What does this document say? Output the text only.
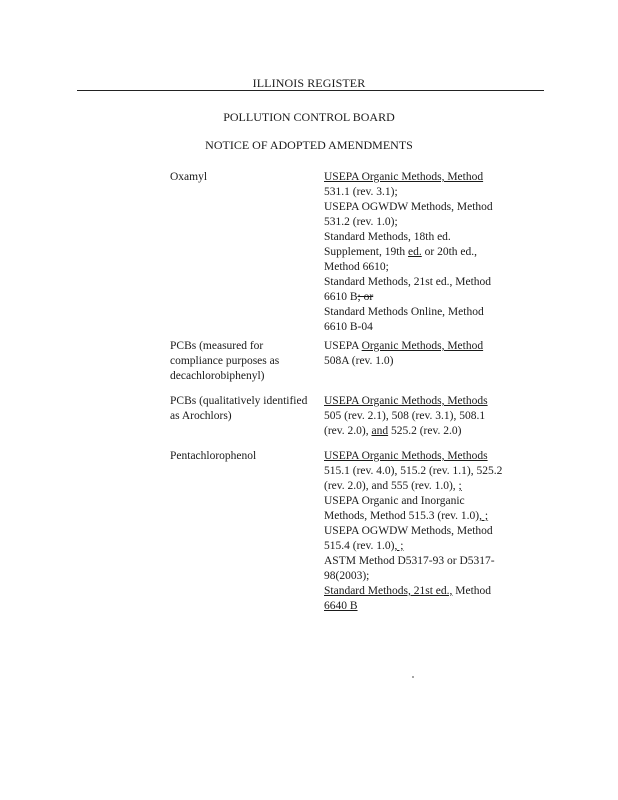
ILLINOIS REGISTER
POLLUTION CONTROL BOARD
NOTICE OF ADOPTED AMENDMENTS
Oxamyl	USEPA Organic Methods, Method
531.1 (rev. 3.1);
USEPA OGWDW Methods, Method
531.2 (rev. 1.0);
Standard Methods, 18th ed.
Supplement, 19th ed. or 20th ed.,
Method 6610;
Standard Methods, 21st ed., Method
6610 B; or
Standard Methods Online, Method
6610 B-04
PCBs (measured for
compliance purposes as
decachlorobiphenyl)
USEPA Organic Methods, Method
508A (rev. 1.0)
PCBs (qualitatively identified
as Arochlors)
USEPA Organic Methods, Methods
505 (rev. 2.1), 508 (rev. 3.1), 508.1
(rev. 2.0), and 525.2 (rev. 2.0)
Pentachlorophenol	USEPA Organic Methods, Methods
515.1 (rev. 4.0), 515.2 (rev. 1.1), 525.2
(rev. 2.0), and 555 (rev. 1.0), ;
USEPA Organic and Inorganic
Methods, Method 515.3 (rev. 1.0), ;
USEPA OGWDW Methods, Method
515.4 (rev. 1.0), ;
ASTM Method D5317-93 or D5317-
98(2003);
Standard Methods, 21st ed., Method
6640 B
